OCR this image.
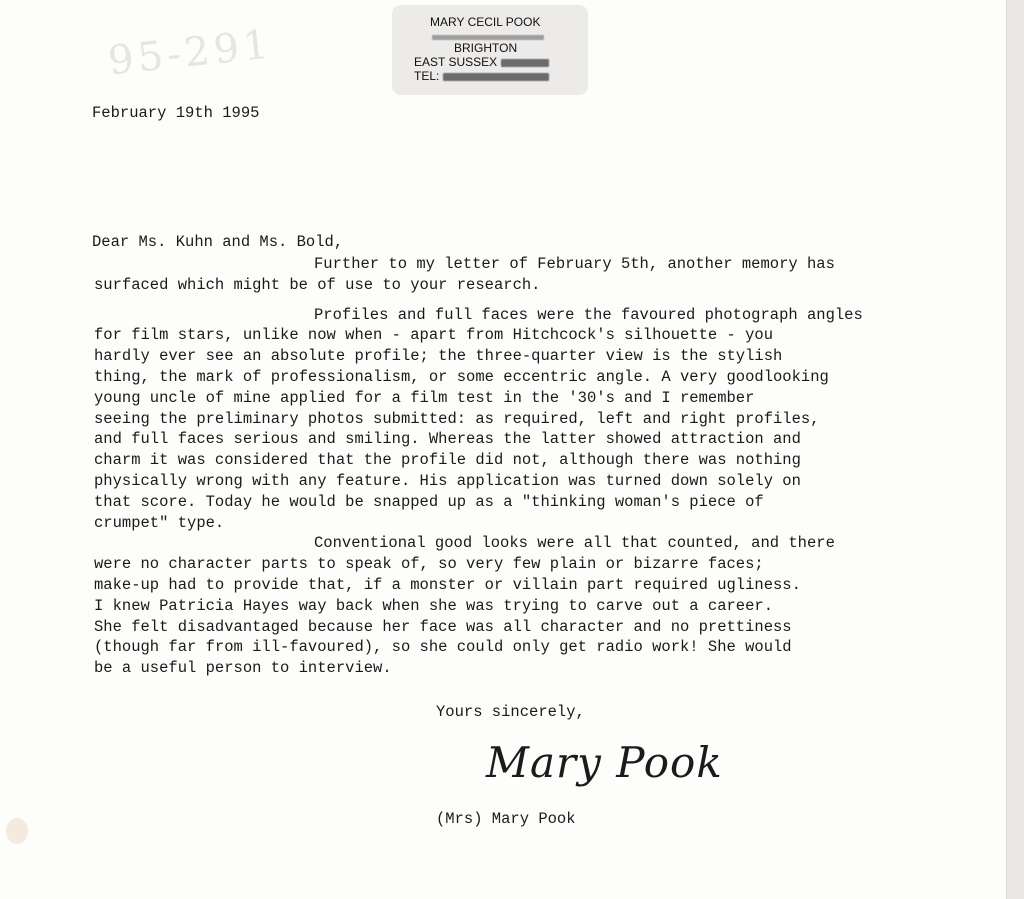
95-291	MARY CECIL POOK
BRIGHTON
EAST SUSSEX
TEL:
February 19th 1995
Dear Ms. Kuhn and Ms. Bold,
Further to my letter of February 5th, another memory has
surfaced which might be of use to your research.
Profiles and full faces were the favoured photograph angles
for film stars, unlike now when - apart from Hitchcock's silhouette - you
hardly ever see an absolute profile; the three-quarter view is the stylish
thing, the mark of professionalism, or some eccentric angle. A very goodlooking
young uncle of mine applied for a film test in the '30's and I remember
seeing the preliminary photos submitted: as required, left and right profiles,
and full faces serious and smiling. Whereas the latter showed attraction and
charm it was considered that the profile did not, although there was nothing
physically wrong with any feature. His application was turned down solely on
that score. Today he would be snapped up as a "thinking woman's piece of
crumpet" type.
Conventional good looks were all that counted, and there
were no character parts to speak of, so very few plain or bizarre faces;
make-up had to provide that, if a monster or villain part required ugliness.
I knew Patricia Hayes way back when she was trying to carve out a career.
She felt disadvantaged because her face was all character and no prettiness
(though far from ill-favoured), so she could only get radio work! She would
be a useful person to interview.
Yours sincerely,
Mary Pook
(Mrs) Mary Pook
